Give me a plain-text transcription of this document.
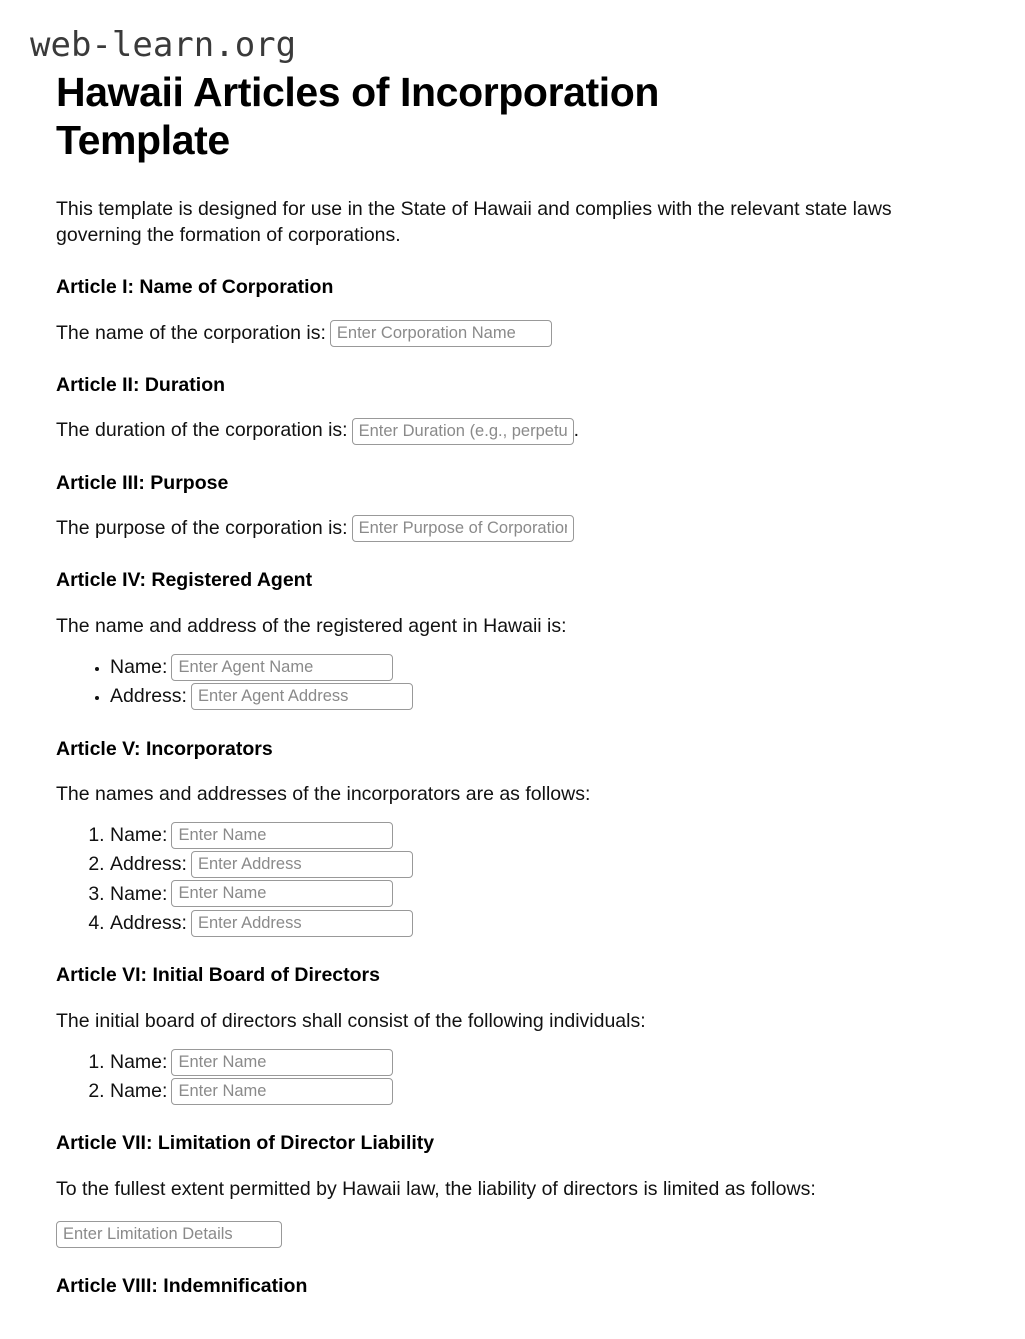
web-learn.org
Hawaii Articles of Incorporation Template

This template is designed for use in the State of Hawaii and complies with the relevant state laws governing the formation of corporations.

Article I: Name of Corporation

The name of the corporation is:Enter Corporation Name

Article II: Duration

The duration of the corporation is:Enter Duration (e.g., perpetual)	.

Article III: Purpose

The purpose of the corporation is:Enter Purpose of Corporation

Article IV: Registered Agent

The name and address of the registered agent in Hawaii is:

• Name:
Enter Agent Name
• Address:
Enter Agent Address
Article V: Incorporators

The names and addresses of the incorporators are as follows:

1. Name:
Enter Name
2. Address:
Enter Address
3. Name:
Enter Name
4. Address:
Enter Address
Article VI: Initial Board of Directors

The initial board of directors shall consist of the following individuals:

1. Name:
Enter Name
2. Name:
Enter Name
Article VII: Limitation of Director Liability

To the fullest extent permitted by Hawaii law, the liability of directors is limited as follows:

Enter Limitation Details
Article VIII: Indemnification
